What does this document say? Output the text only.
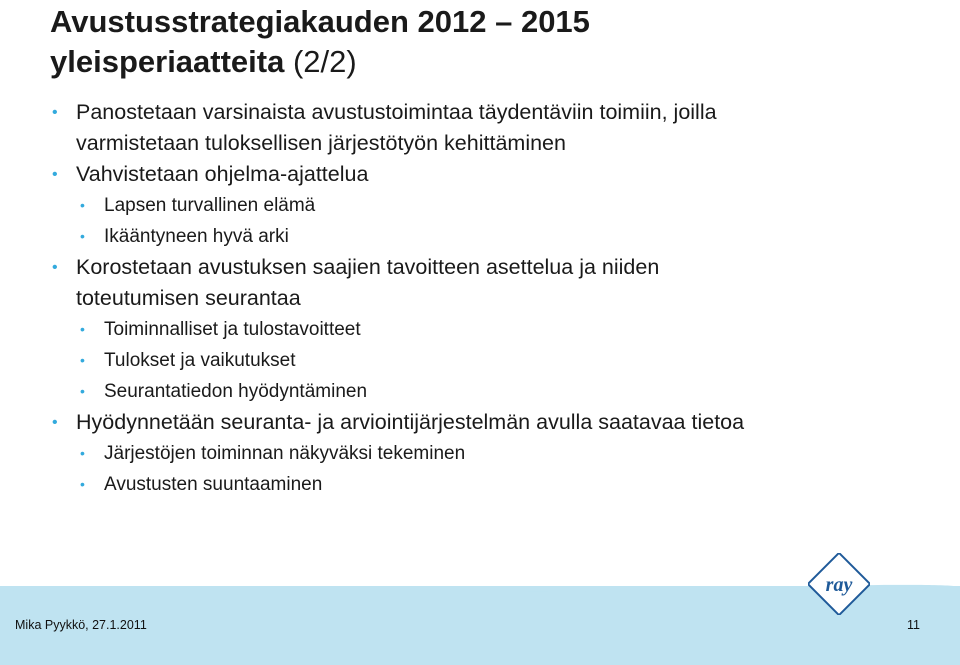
Avustusstrategiakauden 2012 – 2015
yleisperiaatteita (2/2)
• Panostetaan varsinaista avustustoimintaa täydentäviin toimiin, joilla
varmistetaan tuloksellisen järjestötyön kehittäminen
• Vahvistetaan ohjelma-ajattelua
• Lapsen turvallinen elämä
• Ikääntyneen hyvä arki
• Korostetaan avustuksen saajien tavoitteen asettelua ja niiden
toteutumisen seurantaa
• Toiminnalliset ja tulostavoitteet
• Tulokset ja vaikutukset
• Seurantatiedon hyödyntäminen
• Hyödynnetään seuranta- ja arviointijärjestelmän avulla saatavaa tietoa
• Järjestöjen toiminnan näkyväksi tekeminen
• Avustusten suuntaaminen
ray
Mika Pyykkö, 27.1.2011	11
